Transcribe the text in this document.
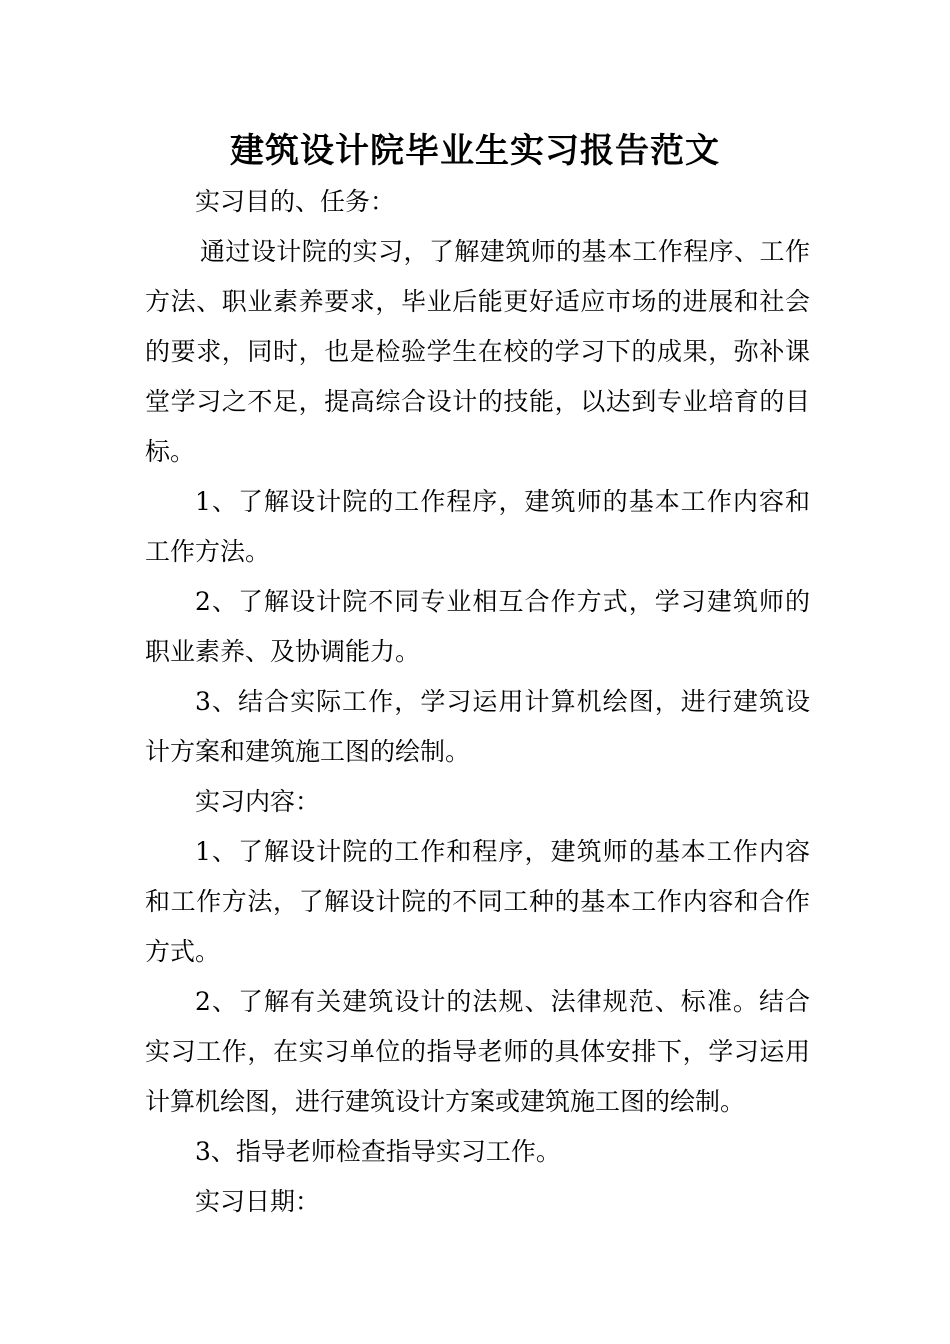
建筑设计院毕业生实习报告范文

实习目的、任务：

通过设计院的实习，了解建筑师的基本工作程序、工作方法、职业素养要求，毕业后能更好适应市场的进展和社会的要求，同时，也是检验学生在校的学习下的成果，弥补课堂学习之不足，提高综合设计的技能，以达到专业培育的目标。

1、了解设计院的工作程序，建筑师的基本工作内容和工作方法。

2、了解设计院不同专业相互合作方式，学习建筑师的职业素养、及协调能力。

3、结合实际工作，学习运用计算机绘图，进行建筑设计方案和建筑施工图的绘制。

实习内容：

1、了解设计院的工作和程序，建筑师的基本工作内容和工作方法，了解设计院的不同工种的基本工作内容和合作方式。

2、了解有关建筑设计的法规、法律规范、标准。结合实习工作，在实习单位的指导老师的具体安排下，学习运用计算机绘图，进行建筑设计方案或建筑施工图的绘制。

3、指导老师检查指导实习工作。

实习日期：
